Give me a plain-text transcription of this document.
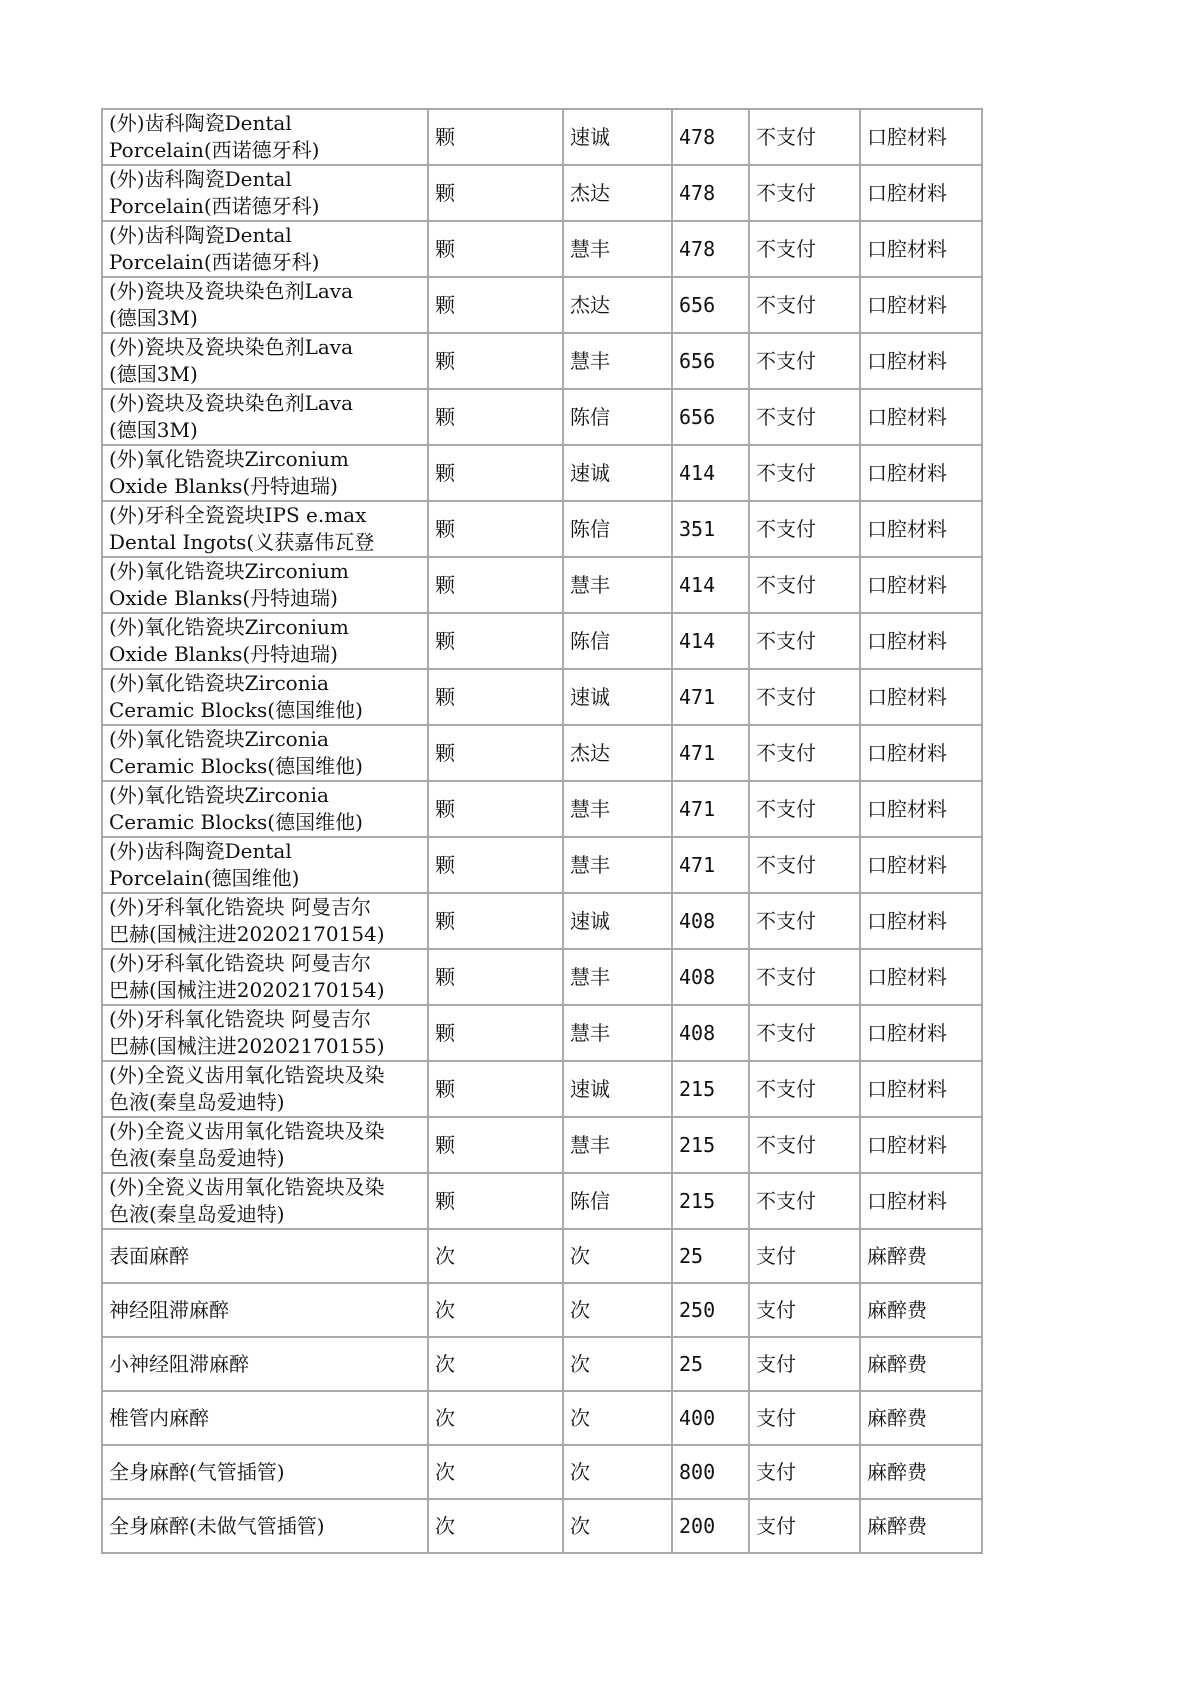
(外)齿科陶瓷Dental
Porcelain(西诺德牙科)	颗	速诚	478	不支付	口腔材料

(外)齿科陶瓷Dental
Porcelain(西诺德牙科)	颗	杰达	478	不支付	口腔材料

(外)齿科陶瓷Dental
Porcelain(西诺德牙科)	颗	慧丰	478	不支付	口腔材料

(外)瓷块及瓷块染色剂Lava
(德国3M)	颗	杰达	656	不支付	口腔材料

(外)瓷块及瓷块染色剂Lava
(德国3M)	颗	慧丰	656	不支付	口腔材料

(外)瓷块及瓷块染色剂Lava
(德国3M)	颗	陈信	656	不支付	口腔材料

(外)氧化锆瓷块Zirconium
Oxide Blanks(丹特迪瑞)	颗	速诚	414	不支付	口腔材料

(外)牙科全瓷瓷块IPS e.max
Dental Ingots(义获嘉伟瓦登	颗	陈信	351	不支付	口腔材料

(外)氧化锆瓷块Zirconium
Oxide Blanks(丹特迪瑞)	颗	慧丰	414	不支付	口腔材料

(外)氧化锆瓷块Zirconium
Oxide Blanks(丹特迪瑞)	颗	陈信	414	不支付	口腔材料

(外)氧化锆瓷块Zirconia
Ceramic Blocks(德国维他)	颗	速诚	471	不支付	口腔材料

(外)氧化锆瓷块Zirconia
Ceramic Blocks(德国维他)	颗	杰达	471	不支付	口腔材料

(外)氧化锆瓷块Zirconia
Ceramic Blocks(德国维他)	颗	慧丰	471	不支付	口腔材料

(外)齿科陶瓷Dental
Porcelain(德国维他)	颗	慧丰	471	不支付	口腔材料

(外)牙科氧化锆瓷块 阿曼吉尔
巴赫(国械注进20202170154)	颗	速诚	408	不支付	口腔材料

(外)牙科氧化锆瓷块 阿曼吉尔
巴赫(国械注进20202170154)	颗	慧丰	408	不支付	口腔材料

(外)牙科氧化锆瓷块 阿曼吉尔
巴赫(国械注进20202170155)	颗	慧丰	408	不支付	口腔材料

(外)全瓷义齿用氧化锆瓷块及染
色液(秦皇岛爱迪特)	颗	速诚	215	不支付	口腔材料

(外)全瓷义齿用氧化锆瓷块及染
色液(秦皇岛爱迪特)	颗	慧丰	215	不支付	口腔材料

(外)全瓷义齿用氧化锆瓷块及染
色液(秦皇岛爱迪特)	颗	陈信	215	不支付	口腔材料

表面麻醉	次	次	25	支付	麻醉费

神经阻滞麻醉	次	次	250	支付	麻醉费

小神经阻滞麻醉	次	次	25	支付	麻醉费

椎管内麻醉	次	次	400	支付	麻醉费

全身麻醉(气管插管)	次	次	800	支付	麻醉费

全身麻醉(未做气管插管)	次	次	200	支付	麻醉费
